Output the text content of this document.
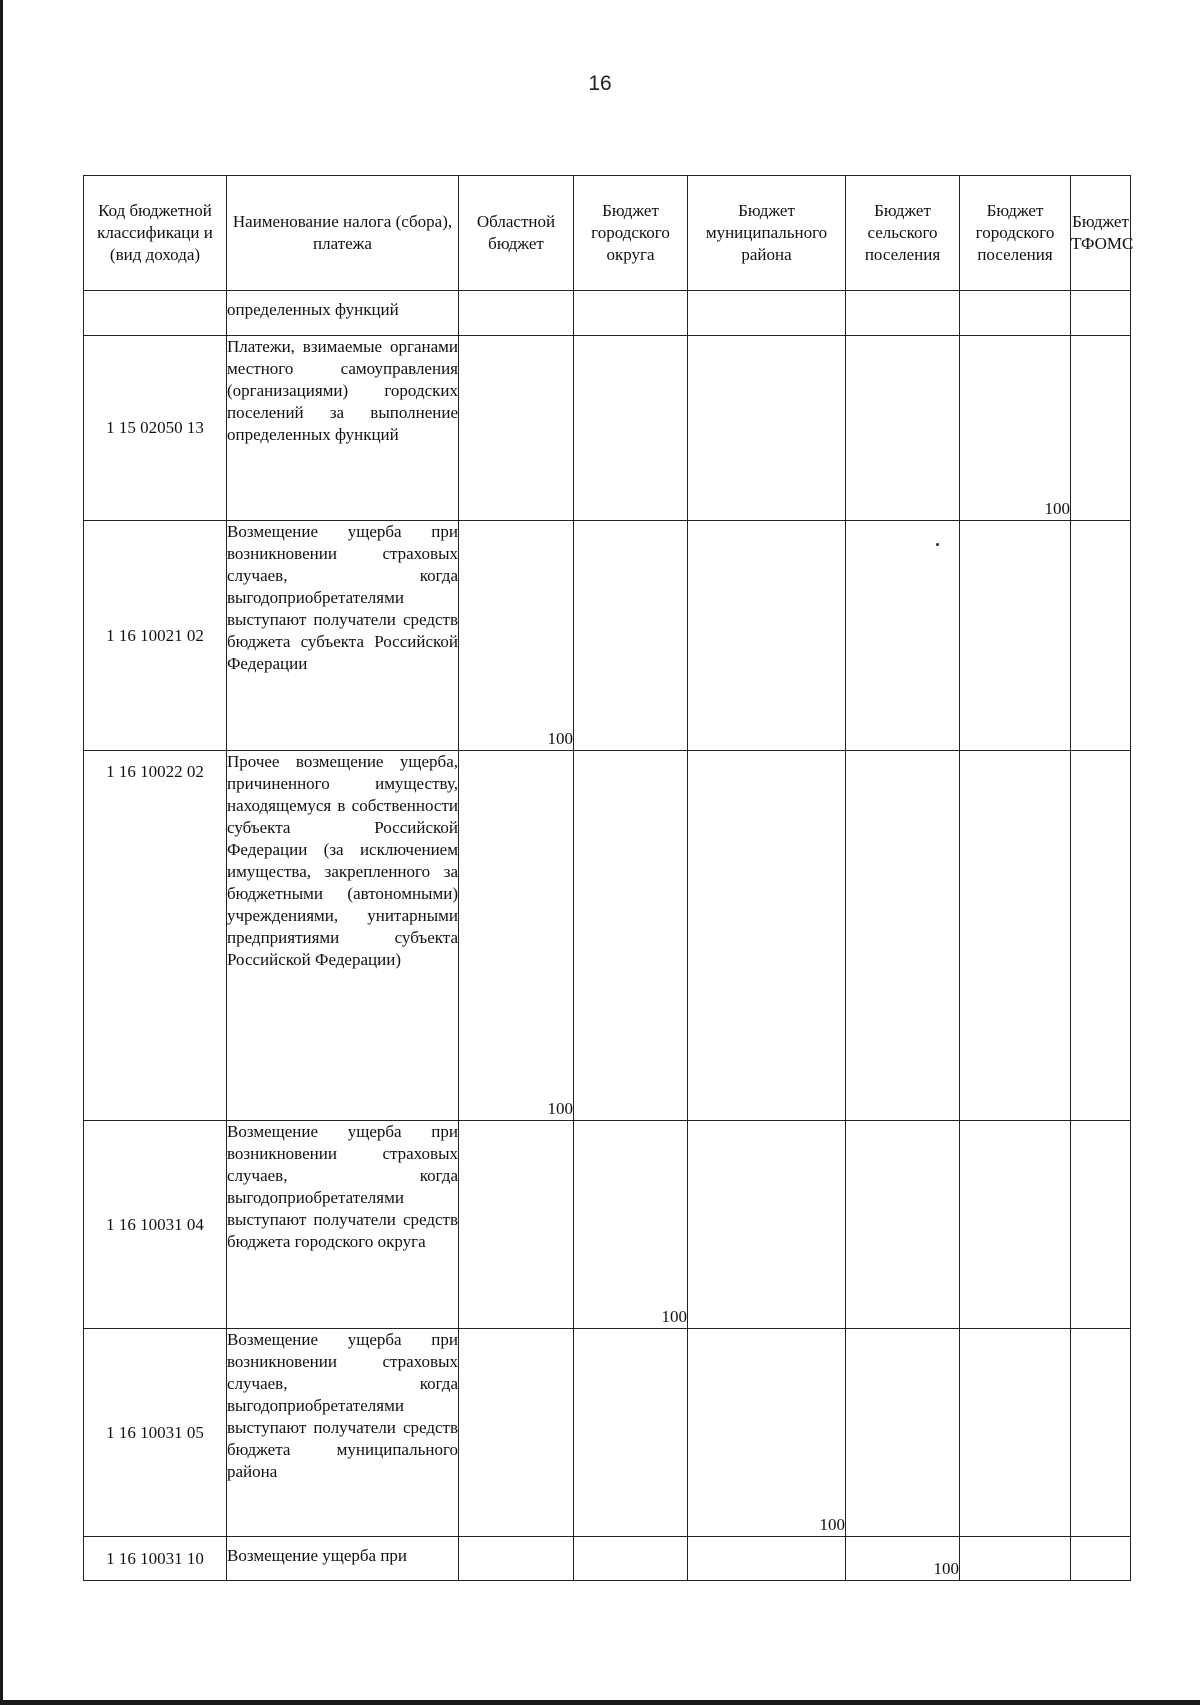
16
Код бюджетной классификаци и (вид дохода)	Наименование налога (сбора), платежа	Областной бюджет	Бюджет городского округа	Бюджет муниципального района	Бюджет сельского поселения	Бюджет городского поселения	Бюджет ТФОМС

	определенных функций						

1 15 02050 13	Платежи, взимаемые органами местного самоуправления (организациями) городских поселений за выполнение определенных функций					100	
1 16 10021 02	Возмещение ущерба при возникновении страховых случаев, когда выгодоприобретателями выступают получатели средств бюджета субъекта Российской Федерации	100					
1 16 10022 02	Прочее возмещение ущерба, причиненного имуществу, находящемуся в собственности субъекта Российской Федерации (за исключением имущества, закрепленного за бюджетными (автономными) учреждениями, унитарными предприятиями субъекта Российской Федерации)	100					
1 16 10031 04	Возмещение ущерба при возникновении страховых случаев, когда выгодоприобретателями выступают получатели средств бюджета городского округа		100				
1 16 10031 05	Возмещение ущерба при возникновении страховых случаев, когда выгодоприобретателями выступают получатели средств бюджета муниципального района			100			
1 16 10031 10	Возмещение ущерба при				100		
